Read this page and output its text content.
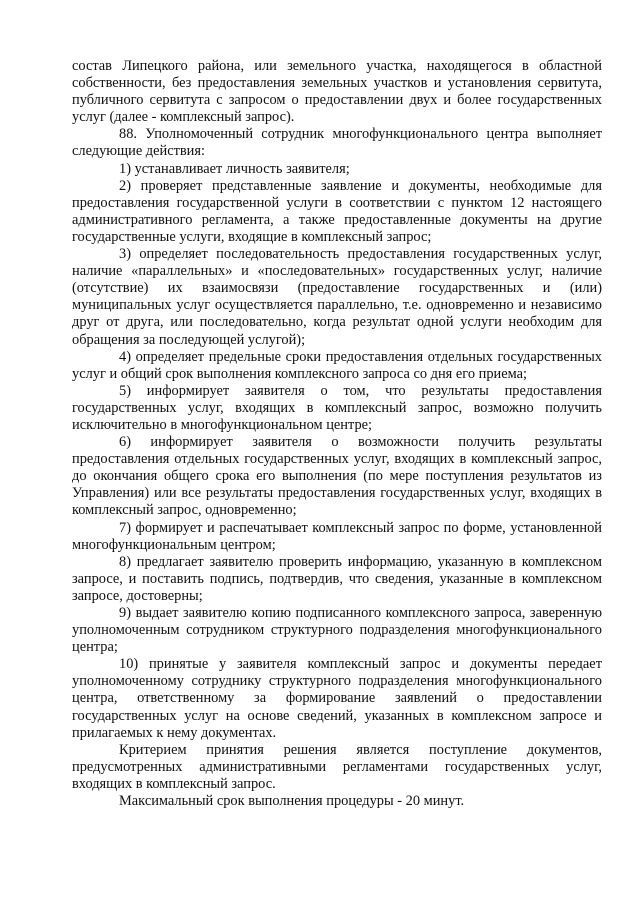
состав Липецкого района, или земельного участка, находящегося в областной собственности, без предоставления земельных участков и установления сервитута, публичного сервитута с запросом о предоставлении двух и более государственных услуг (далее - комплексный запрос).

88. Уполномоченный сотрудник многофункционального центра выполняет следующие действия:

1) устанавливает личность заявителя;

2) проверяет представленные заявление и документы, необходимые для предоставления государственной услуги в соответствии с пунктом 12 настоящего административного регламента, а также предоставленные документы на другие государственные услуги, входящие в комплексный запрос;

3) определяет последовательность предоставления государственных услуг, наличие «параллельных» и «последовательных» государственных услуг, наличие (отсутствие) их взаимосвязи (предоставление государственных и (или) муниципальных услуг осуществляется параллельно, т.е. одновременно и независимо друг от друга, или последовательно, когда результат одной услуги необходим для обращения за последующей услугой);

4) определяет предельные сроки предоставления отдельных государственных услуг и общий срок выполнения комплексного запроса со дня его приема;

5) информирует заявителя о том, что результаты предоставления государственных услуг, входящих в комплексный запрос, возможно получить исключительно в многофункциональном центре;

6) информирует заявителя о возможности получить результаты предоставления отдельных государственных услуг, входящих в комплексный запрос, до окончания общего срока его выполнения (по мере поступления результатов из Управления) или все результаты предоставления государственных услуг, входящих в комплексный запрос, одновременно;

7) формирует и распечатывает комплексный запрос по форме, установленной многофункциональным центром;

8) предлагает заявителю проверить информацию, указанную в комплексном запросе, и поставить подпись, подтвердив, что сведения, указанные в комплексном запросе, достоверны;

9) выдает заявителю копию подписанного комплексного запроса, заверенную уполномоченным сотрудником структурного подразделения многофункционального центра;

10) принятые у заявителя комплексный запрос и документы передает уполномоченному сотруднику структурного подразделения многофункционального центра, ответственному за формирование заявлений о предоставлении государственных услуг на основе сведений, указанных в комплексном запросе и прилагаемых к нему документах.

Критерием принятия решения является поступление документов, предусмотренных административными регламентами государственных услуг, входящих в комплексный запрос.

Максимальный срок выполнения процедуры - 20 минут.
